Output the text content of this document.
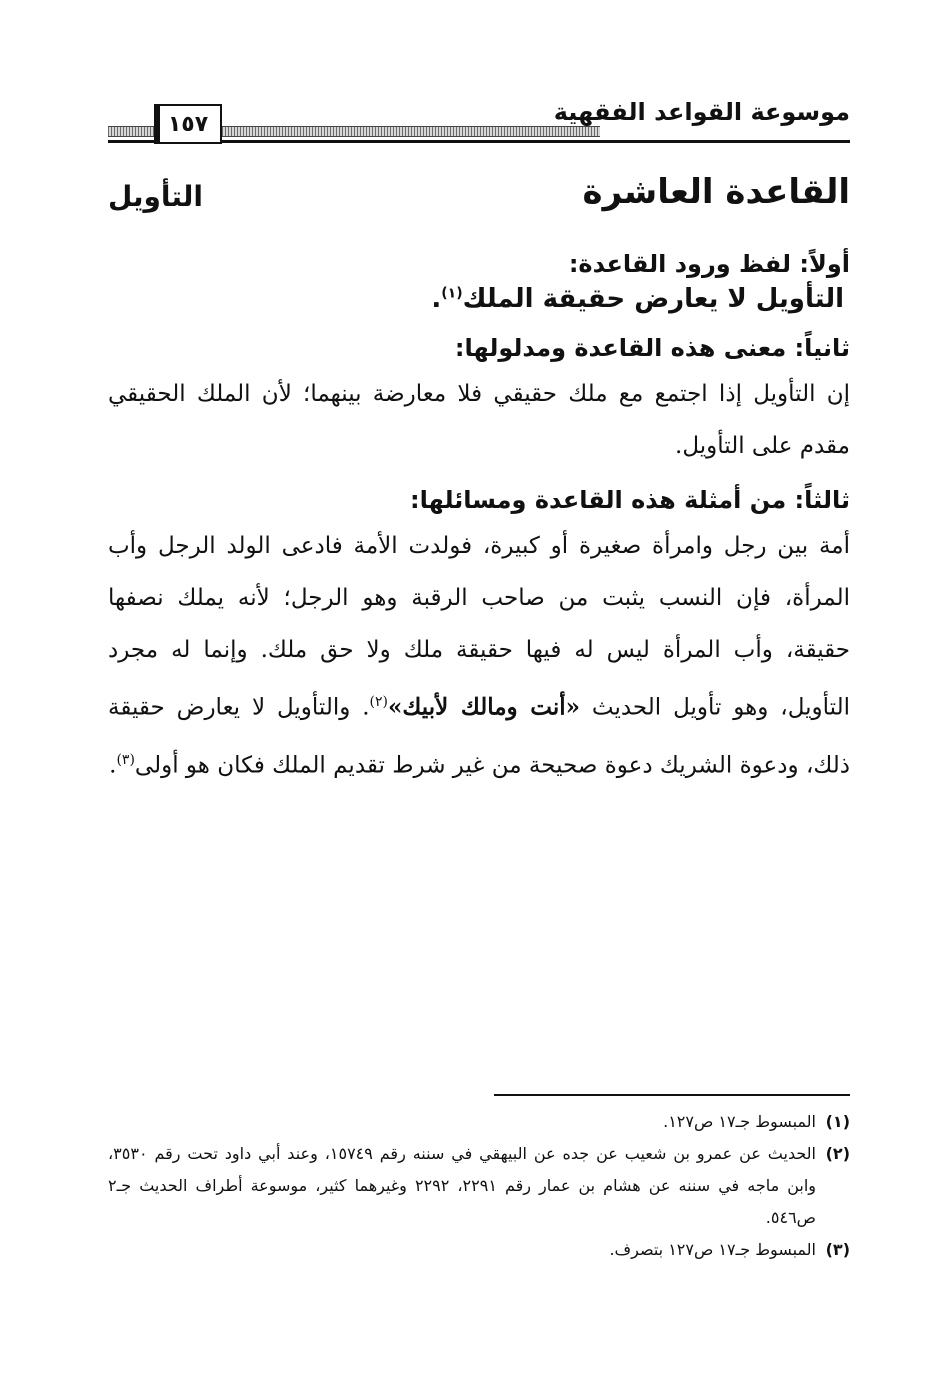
موسوعة القواعد الفقهية
١٥٧
القاعدة العاشرة
التأويل
أولاً: لفظ ورود القاعدة:
التأويل لا يعارض حقيقة الملك$^{(١)}$.
ثانياً: معنى هذه القاعدة ومدلولها:
إن التأويل إذا اجتمع مع ملك حقيقي فلا معارضة بينهما؛ لأن الملك الحقيقي مقدم على التأويل.
ثالثاً: من أمثلة هذه القاعدة ومسائلها:
أمة بين رجل وامرأة صغيرة أو كبيرة، فولدت الأمة فادعى الولد الرجل وأب المرأة، فإن النسب يثبت من صاحب الرقبة وهو الرجل؛ لأنه يملك نصفها حقيقة، وأب المرأة ليس له فيها حقيقة ملك ولا حق ملك. وإنما له مجرد التأويل، وهو تأويل الحديث «أنت ومالك لأبيك»$^{(٢)}$. والتأويل لا يعارض حقيقة ذلك، ودعوة الشريك دعوة صحيحة من غير شرط تقديم الملك فكان هو أولى$^{(٣)}$.
(١)
المبسوط جـ١٧ ص١٢٧.
(٢)
الحديث عن عمرو بن شعيب عن جده عن البيهقي في سننه رقم ١٥٧٤٩، وعند أبي داود تحت رقم ٣٥٣٠، وابن ماجه في سننه عن هشام بن عمار رقم ٢٢٩١، ٢٢٩٢ وغيرهما كثير، موسوعة أطراف الحديث جـ٢ ص٥٤٦.
(٣)
المبسوط جـ١٧ ص١٢٧ بتصرف.
